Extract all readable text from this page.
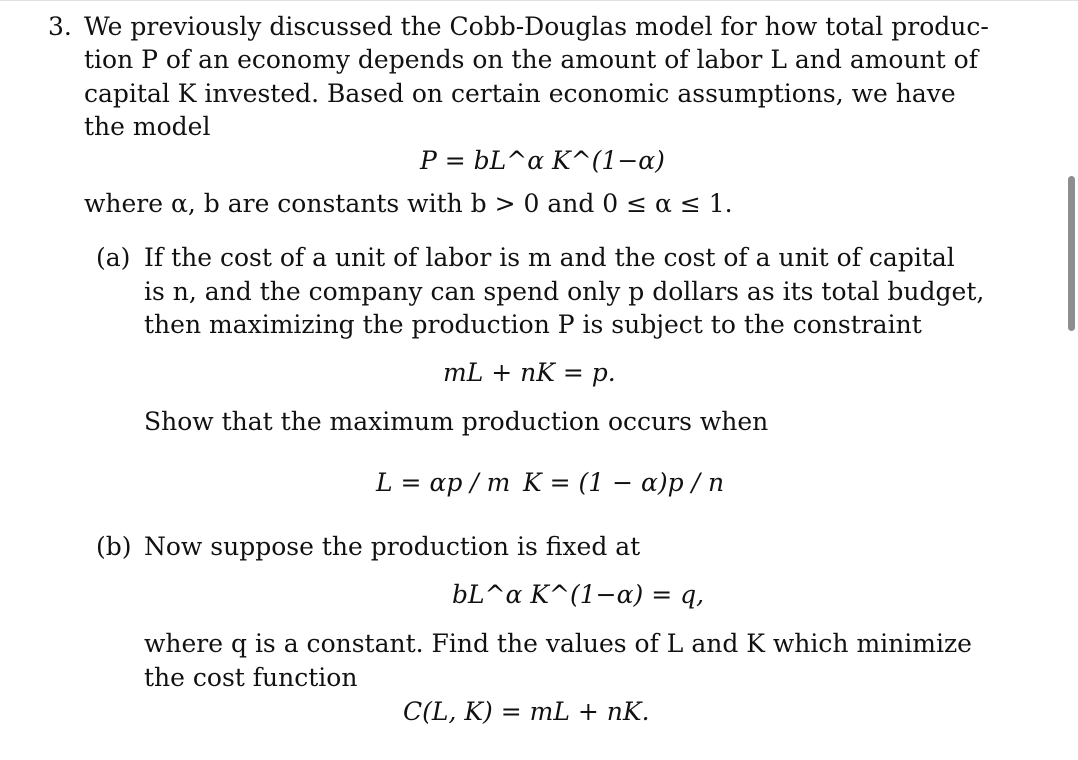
3. We previously discussed the Cobb-Douglas model for how total produc-
tion P of an economy depends on the amount of labor L and amount of
capital K invested. Based on certain economic assumptions, we have
the model
P = bL^α K^(1−α)
where α, b are constants with b > 0 and 0 ≤ α ≤ 1.
(a) If the cost of a unit of labor is m and the cost of a unit of capital
is n, and the company can spend only p dollars as its total budget,
then maximizing the production P is subject to the constraint
mL + nK = p.
Show that the maximum production occurs when
L = αp / m K = (1 − α)p / n
(b) Now suppose the production is fixed at
bL^α K^(1−α) = q,
where q is a constant. Find the values of L and K which minimize
the cost function
C(L, K) = mL + nK.
